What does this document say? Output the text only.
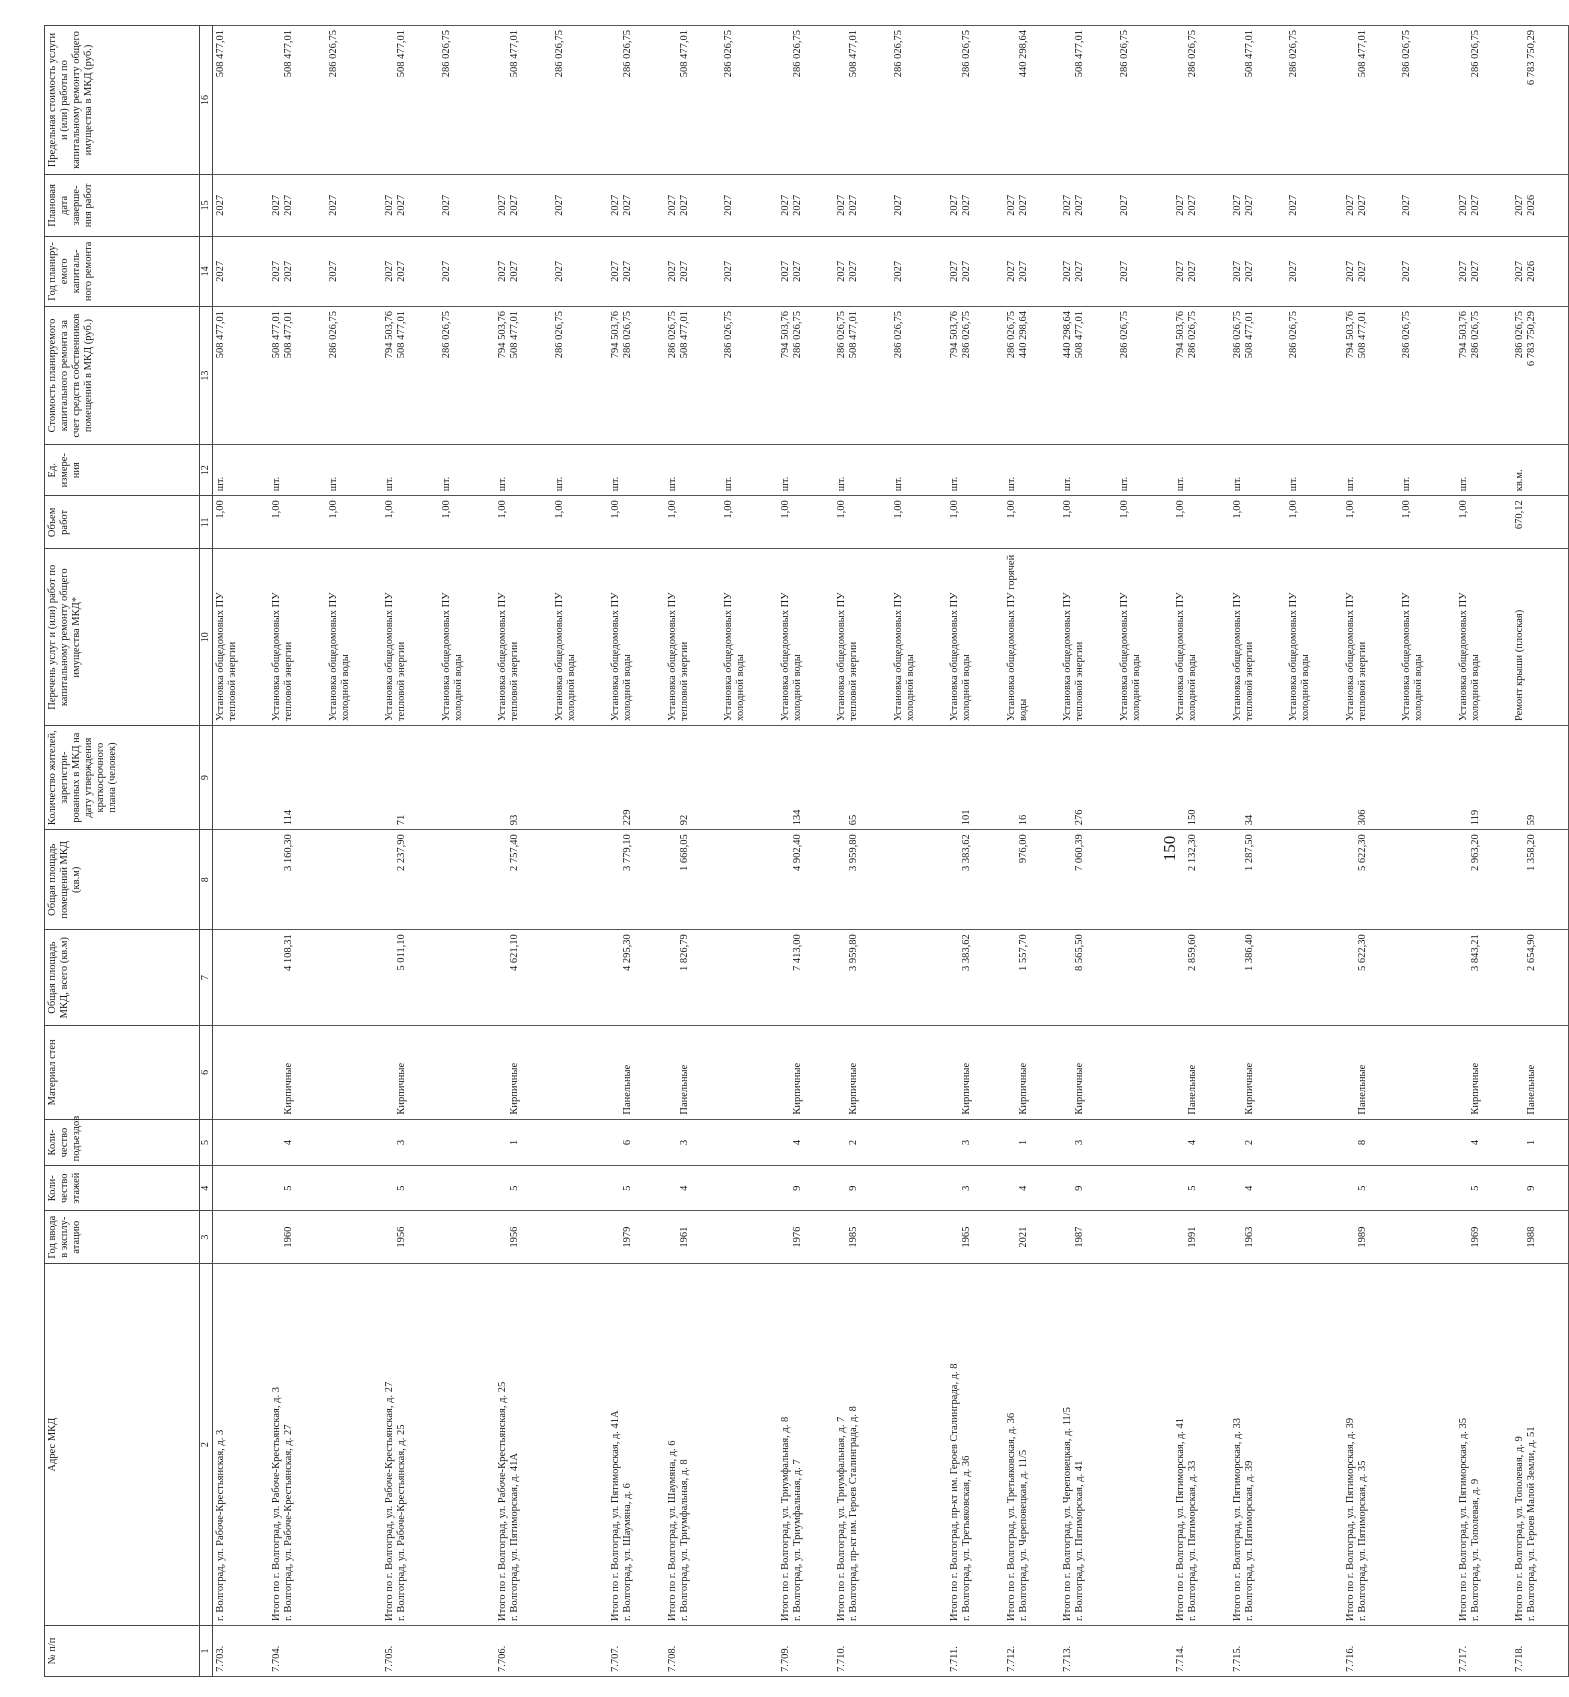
№ п/п	Адрес МКД	Год ввода в эксплу-атацию	Коли-чество этажей	Коли-чество подъездов	Материал стен	Общая площадь МКД, всего (кв.м)	Общая площадь помещений МКД (кв.м)	Количество жителей, зарегистри-рованных в МКД на дату утверждения краткосрочного плана (человек)	Перечень услуг и (или) работ по капитальному ремонту общего имущества МКД*	Объем работ	Ед. измере-ния	Стоимость планируемого капитального ремонта за счет средств собственников помещений в МКД (руб.)	Год планиру-емого капиталь-ного ремонта	Плановая дата заверше-ния работ	Предельная стоимость услуги и (или) работы по капитальному ремонту общего имущества в МКД (руб.)
1	2	3	4	5	6	7	8	9	10	11	12	13	14	15	16

7.703.	г. Волгоград, ул. Рабоче-Крестьянская, д. 3								Установка общедомовых ПУ тепловой энергии	1,00	шт.	508 477,01	2027	2027	508 477,01

7.704.	Итого по г. Волгоград, ул. Рабоче-Крестьянская, д. 3 г. Волгоград, ул. Рабоче-Крестьянская, д. 27	1960	5	4	Кирпичные	4 108,31	3 160,30	114	Установка общедомовых ПУ тепловой энергии	1,00	шт.	508 477,01 508 477,01	2027 2027	2027 2027	508 477,01

									Установка общедомовых ПУ холодной воды	1,00	шт.	286 026,75	2027	2027	286 026,75

7.705.	Итого по г. Волгоград, ул. Рабоче-Крестьянская, д. 27 г. Волгоград, ул. Рабоче-Крестьянская, д. 25	1956	5	3	Кирпичные	5 011,10	2 237,90	71	Установка общедомовых ПУ тепловой энергии	1,00	шт.	794 503,76 508 477,01	2027 2027	2027 2027	508 477,01

									Установка общедомовых ПУ холодной воды	1,00	шт.	286 026,75	2027	2027	286 026,75

7.706.	Итого по г. Волгоград, ул. Рабоче-Крестьянская, д. 25 г. Волгоград, ул. Пятиморская, д. 41А	1956	5	1	Кирпичные	4 621,10	2 757,40	93	Установка общедомовых ПУ тепловой энергии	1,00	шт.	794 503,76 508 477,01	2027 2027	2027 2027	508 477,01

									Установка общедомовых ПУ холодной воды	1,00	шт.	286 026,75	2027	2027	286 026,75

7.707.	Итого по г. Волгоград, ул. Пятиморская, д. 41А г. Волгоград, ул. Шаумяна, д. 6	1979	5	6	Панельные	4 295,30	3 779,10	229	Установка общедомовых ПУ холодной воды	1,00	шт.	794 503,76 286 026,75	2027 2027	2027 2027	286 026,75

7.708.	Итого по г. Волгоград, ул. Шаумяна, д. 6 г. Волгоград, ул. Триумфальная, д. 8	1961	4	3	Панельные	1 826,79	1 668,05	92	Установка общедомовых ПУ тепловой энергии	1,00	шт.	286 026,75 508 477,01	2027 2027	2027 2027	508 477,01

									Установка общедомовых ПУ холодной воды	1,00	шт.	286 026,75	2027	2027	286 026,75

7.709.	Итого по г. Волгоград, ул. Триумфальная, д. 8 г. Волгоград, ул. Триумфальная, д. 7	1976	9	4	Кирпичные	7 413,00	4 902,40	134	Установка общедомовых ПУ холодной воды	1,00	шт.	794 503,76 286 026,75	2027 2027	2027 2027	286 026,75

7.710.	Итого по г. Волгоград, ул. Триумфальная, д. 7 г. Волгоград, пр-кт им. Героев Сталинграда, д. 8	1985	9	2	Кирпичные	3 959,80	3 959,80	65	Установка общедомовых ПУ тепловой энергии	1,00	шт.	286 026,75 508 477,01	2027 2027	2027 2027	508 477,01

									Установка общедомовых ПУ холодной воды	1,00	шт.	286 026,75	2027	2027	286 026,75

7.711.	Итого по г. Волгоград, пр-кт им. Героев Сталинграда, д. 8 г. Волгоград, ул. Третьяковская, д. 36	1965	3	3	Кирпичные	3 383,62	3 383,62	101	Установка общедомовых ПУ холодной воды	1,00	шт.	794 503,76 286 026,75	2027 2027	2027 2027	286 026,75

7.712.	Итого по г. Волгоград, ул. Третьяковская, д. 36 г. Волгоград, ул. Череповецкая, д. 11/5	2021	4	1	Кирпичные	1 557,70	976,00	16	Установка общедомовых ПУ горячей воды	1,00	шт.	286 026,75 440 298,64	2027 2027	2027 2027	440 298,64

7.713.	Итого по г. Волгоград, ул. Череповецкая, д. 11/5 г. Волгоград, ул. Пятиморская, д. 41	1987	9	3	Кирпичные	8 565,50	7 060,39	276	Установка общедомовых ПУ тепловой энергии	1,00	шт.	440 298,64 508 477,01	2027 2027	2027 2027	508 477,01

									Установка общедомовых ПУ холодной воды	1,00	шт.	286 026,75	2027	2027	286 026,75

7.714.	Итого по г. Волгоград, ул. Пятиморская, д. 41 г. Волгоград, ул. Пятиморская, д. 33	1991	5	4	Панельные	2 859,60	2 132,30	150	Установка общедомовых ПУ холодной воды	1,00	шт.	794 503,76 286 026,75	2027 2027	2027 2027	286 026,75

7.715.	Итого по г. Волгоград, ул. Пятиморская, д. 33 г. Волгоград, ул. Пятиморская, д. 39	1963	4	2	Кирпичные	1 386,40	1 287,50	34	Установка общедомовых ПУ тепловой энергии	1,00	шт.	286 026,75 508 477,01	2027 2027	2027 2027	508 477,01

									Установка общедомовых ПУ холодной воды	1,00	шт.	286 026,75	2027	2027	286 026,75

7.716.	Итого по г. Волгоград, ул. Пятиморская, д. 39 г. Волгоград, ул. Пятиморская, д. 35	1989	5	8	Панельные	5 622,30	5 622,30	306	Установка общедомовых ПУ тепловой энергии	1,00	шт.	794 503,76 508 477,01	2027 2027	2027 2027	508 477,01

									Установка общедомовых ПУ холодной воды	1,00	шт.	286 026,75	2027	2027	286 026,75

7.717.	Итого по г. Волгоград, ул. Пятиморская, д. 35 г. Волгоград, ул. Тополевая, д. 9	1969	5	4	Кирпичные	3 843,21	2 963,20	119	Установка общедомовых ПУ холодной воды	1,00	шт.	794 503,76 286 026,75	2027 2027	2027 2027	286 026,75

7.718.	Итого по г. Волгоград, ул. Тополевая, д. 9 г. Волгоград, ул. Героев Малой Земли, д. 51	1988	9	1	Панельные	2 654,90	1 358,20	59	Ремонт крыши (плоская)	670,12	кв.м.	286 026,75 6 783 750,29	2027 2026	2027 2026	6 783 750,29
150
